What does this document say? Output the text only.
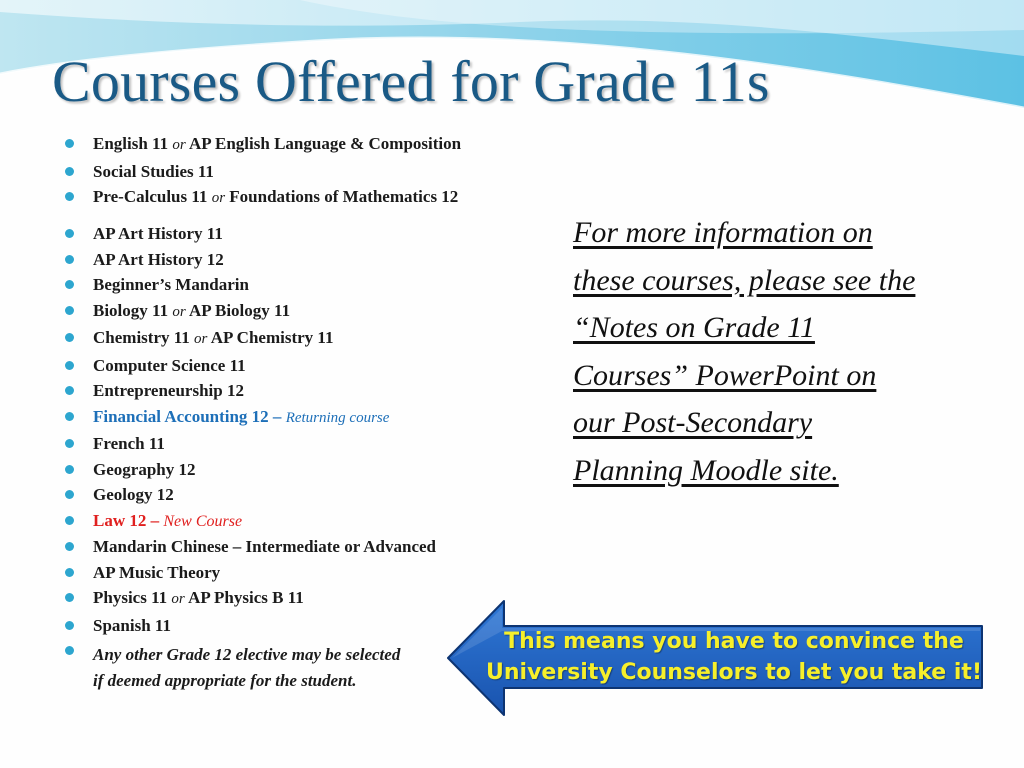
Courses Offered for Grade 11s
English 11 or AP English Language & Composition
Social Studies 11
Pre-Calculus 11 or Foundations of Mathematics 12
AP Art History 11
AP Art History 12
Beginner’s Mandarin
Biology 11 or AP Biology 11
Chemistry 11 or AP Chemistry 11
Computer Science 11
Entrepreneurship 12
Financial Accounting 12 – Returning course
French 11
Geography 12
Geology 12
Law 12 – New Course
Mandarin Chinese – Intermediate or Advanced
AP Music Theory
Physics 11 or AP Physics B 11
Spanish 11
Any other Grade 12 elective may be selected
if deemed appropriate for the student.
For more information on
these courses, please see the
“Notes on Grade 11
Courses” PowerPoint on
our Post-Secondary
Planning Moodle site.
This means you have to convince the
University Counselors to let you take it!
